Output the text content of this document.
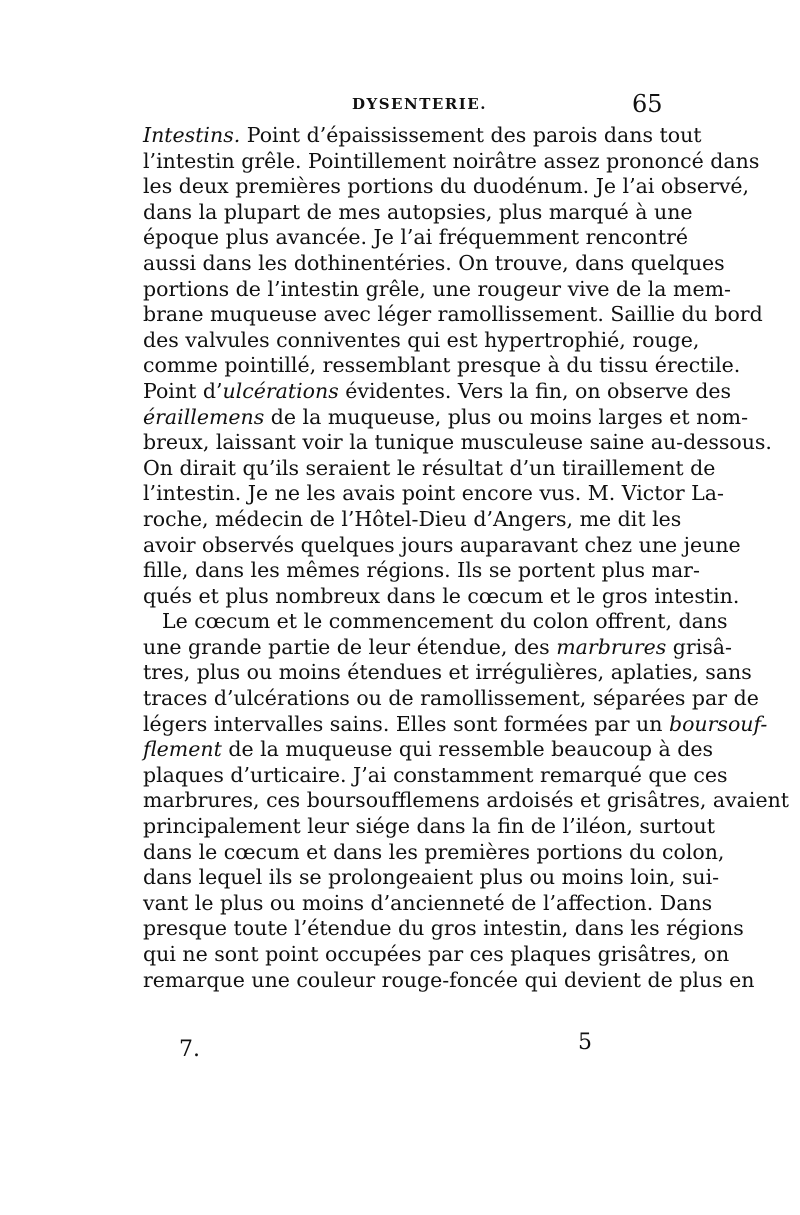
DYSENTERIE.	65
Intestins. Point d’épaississement des parois dans tout
l’intestin grêle. Pointillement noirâtre assez prononcé dans
les deux premières portions du duodénum. Je l’ai observé,
dans la plupart de mes autopsies, plus marqué à une
époque plus avancée. Je l’ai fréquemment rencontré
aussi dans les dothinentéries. On trouve, dans quelques
portions de l’intestin grêle, une rougeur vive de la mem-
brane muqueuse avec léger ramollissement. Saillie du bord
des valvules conniventes qui est hypertrophié, rouge,
comme pointillé, ressemblant presque à du tissu érectile.
Point d’ulcérations évidentes. Vers la fin, on observe des
éraillemens de la muqueuse, plus ou moins larges et nom-
breux, laissant voir la tunique musculeuse saine au-dessous.
On dirait qu’ils seraient le résultat d’un tiraillement de
l’intestin. Je ne les avais point encore vus. M. Victor La-
roche, médecin de l’Hôtel-Dieu d’Angers, me dit les
avoir observés quelques jours auparavant chez une jeune
fille, dans les mêmes régions. Ils se portent plus mar-
qués et plus nombreux dans le cœcum et le gros intestin.
Le cœcum et le commencement du colon offrent, dans
une grande partie de leur étendue, des marbrures grisâ-
tres, plus ou moins étendues et irrégulières, aplaties, sans
traces d’ulcérations ou de ramollissement, séparées par de
légers intervalles sains. Elles sont formées par un boursouf-
flement de la muqueuse qui ressemble beaucoup à des
plaques d’urticaire. J’ai constamment remarqué que ces
marbrures, ces boursoufflemens ardoisés et grisâtres, avaient
principalement leur siége dans la fin de l’iléon, surtout
dans le cœcum et dans les premières portions du colon,
dans lequel ils se prolongeaient plus ou moins loin, sui-
vant le plus ou moins d’ancienneté de l’affection. Dans
presque toute l’étendue du gros intestin, dans les régions
qui ne sont point occupées par ces plaques grisâtres, on
remarque une couleur rouge-foncée qui devient de plus en
7.	5
